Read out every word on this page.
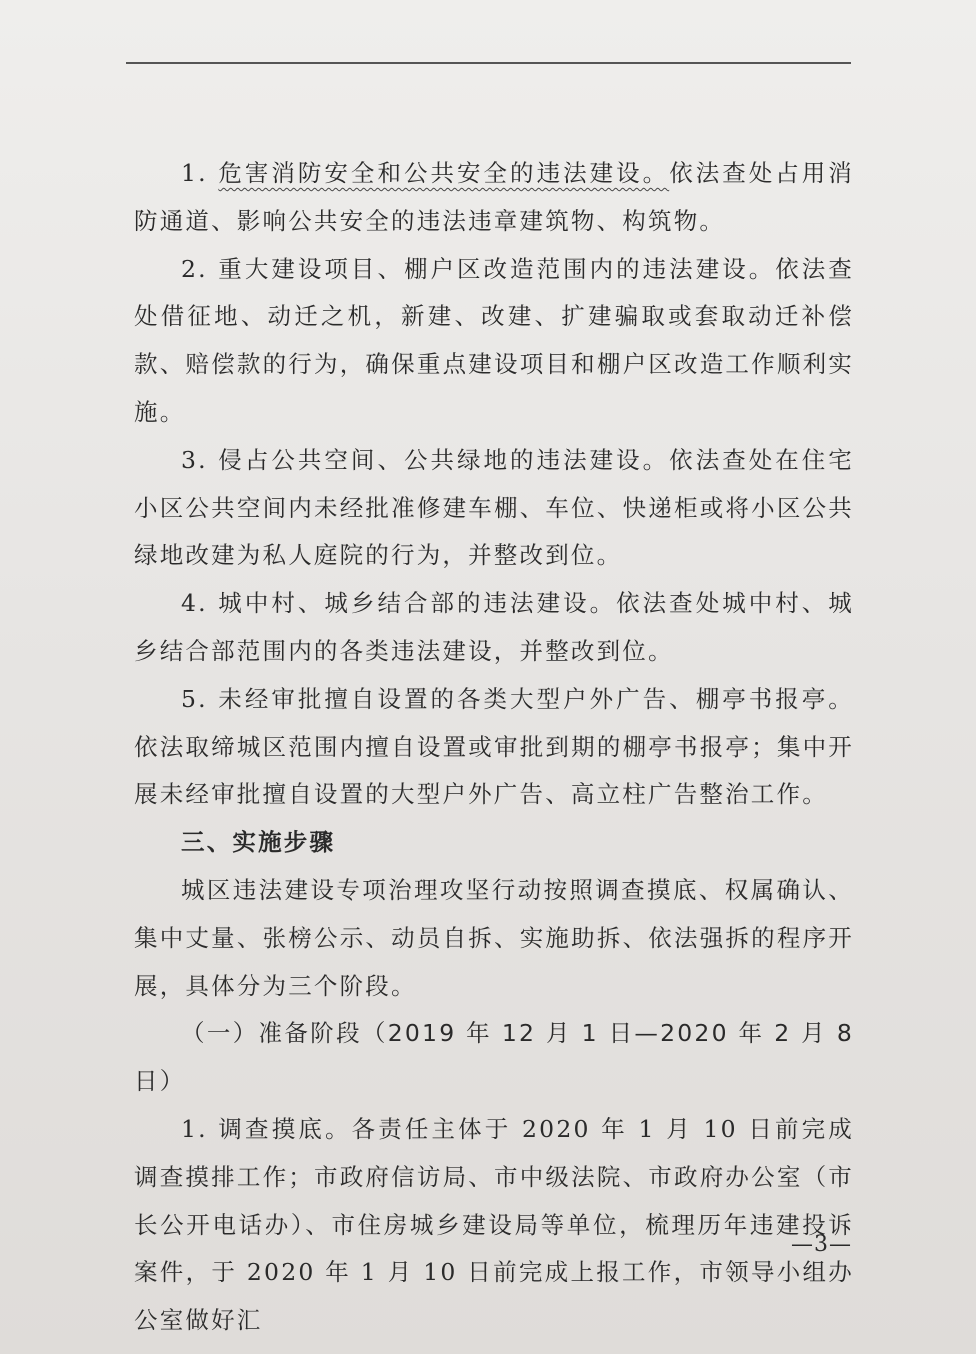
1. 危害消防安全和公共安全的违法建设。依法查处占用消防通道、影响公共安全的违法违章建筑物、构筑物。

2. 重大建设项目、棚户区改造范围内的违法建设。依法查处借征地、动迁之机，新建、改建、扩建骗取或套取动迁补偿款、赔偿款的行为，确保重点建设项目和棚户区改造工作顺利实施。

3. 侵占公共空间、公共绿地的违法建设。依法查处在住宅小区公共空间内未经批准修建车棚、车位、快递柜或将小区公共绿地改建为私人庭院的行为，并整改到位。

4. 城中村、城乡结合部的违法建设。依法查处城中村、城乡结合部范围内的各类违法建设，并整改到位。

5. 未经审批擅自设置的各类大型户外广告、棚亭书报亭。依法取缔城区范围内擅自设置或审批到期的棚亭书报亭；集中开展未经审批擅自设置的大型户外广告、高立柱广告整治工作。

三、实施步骤

城区违法建设专项治理攻坚行动按照调查摸底、权属确认、集中丈量、张榜公示、动员自拆、实施助拆、依法强拆的程序开展，具体分为三个阶段。

（一）准备阶段（2019 年 12 月 1 日—2020 年 2 月 8 日）

1. 调查摸底。各责任主体于 2020 年 1 月 10 日前完成调查摸排工作；市政府信访局、市中级法院、市政府办公室（市长公开电话办）、市住房城乡建设局等单位，梳理历年违建投诉案件，于 2020 年 1 月 10 日前完成上报工作，市领导小组办公室做好汇

—3—
